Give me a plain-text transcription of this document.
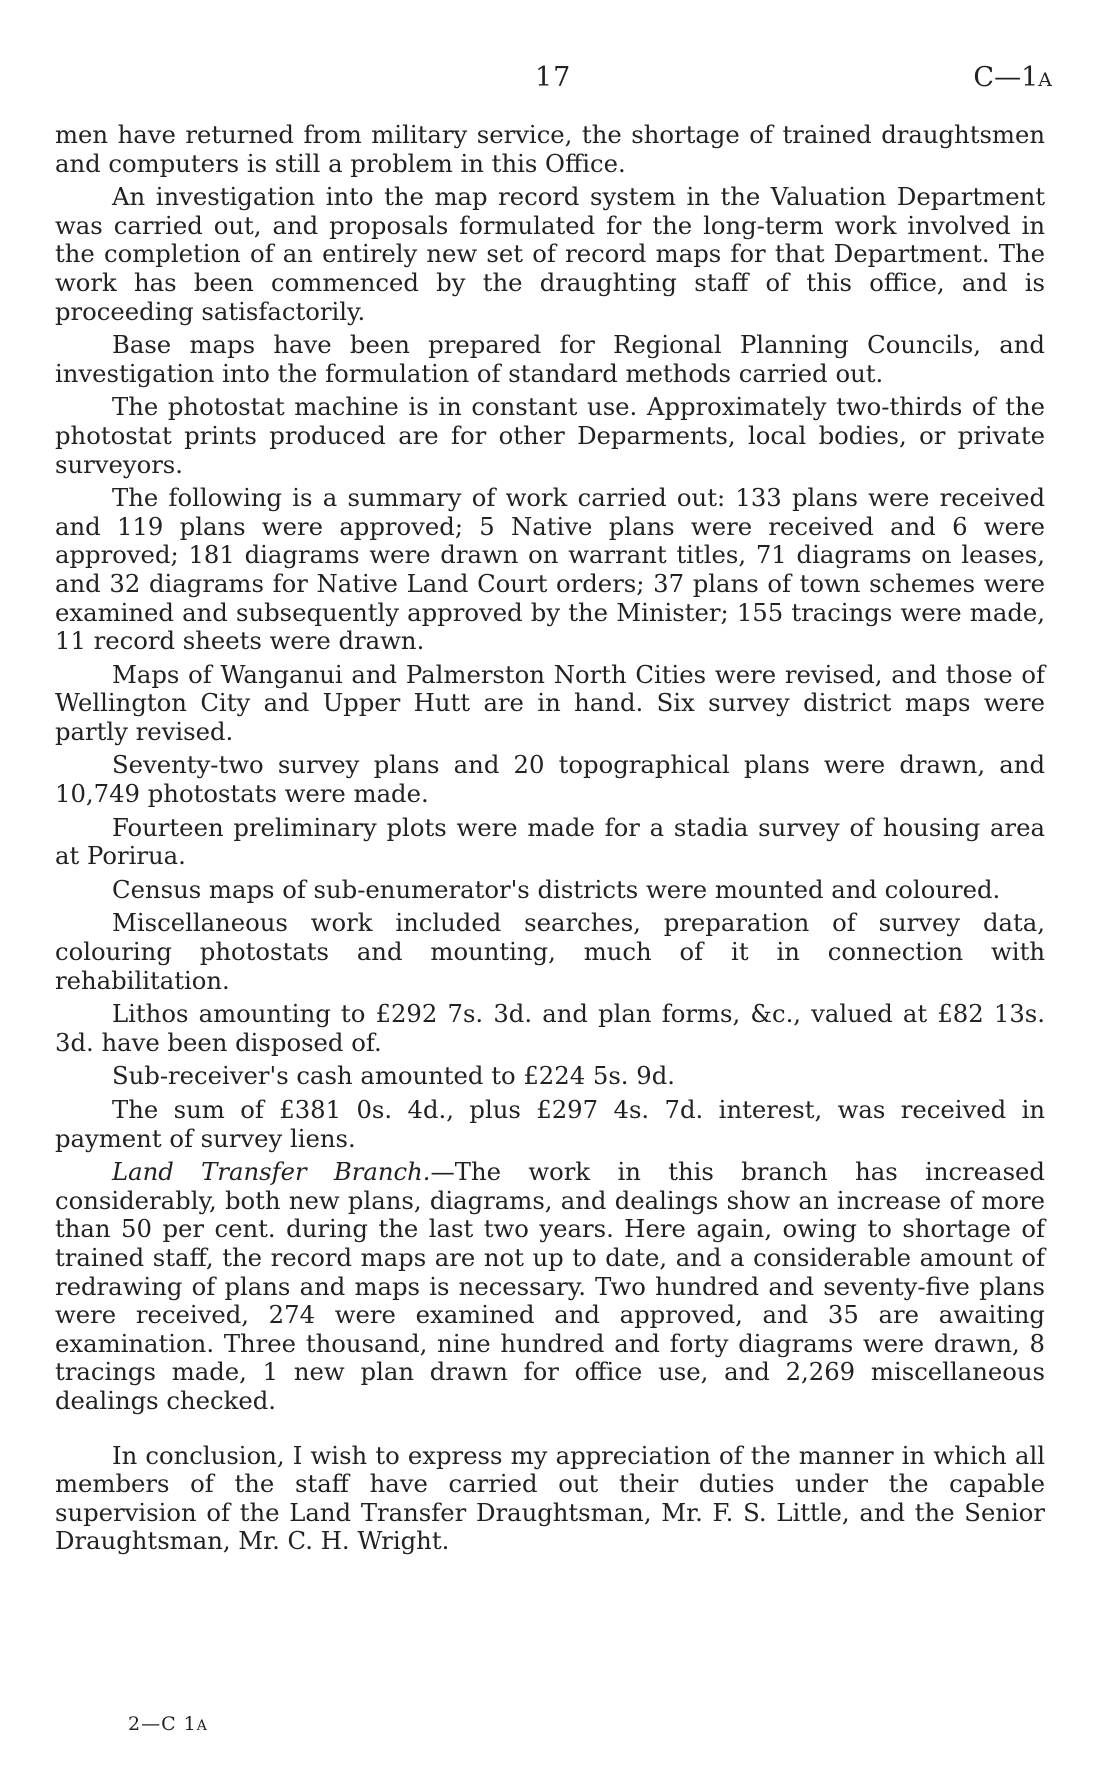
17	C—1A

men have returned from military service, the shortage of trained draughtsmen and computers is still a problem in this Office.

An investigation into the map record system in the Valuation Department was carried out, and proposals formulated for the long-term work involved in the completion of an entirely new set of record maps for that Department. The work has been commenced by the draughting staff of this office, and is proceeding satisfactorily.

Base maps have been prepared for Regional Planning Councils, and investigation into the formulation of standard methods carried out.

The photostat machine is in constant use. Approximately two-thirds of the photostat prints produced are for other Deparments, local bodies, or private surveyors.

The following is a summary of work carried out: 133 plans were received and 119 plans were approved; 5 Native plans were received and 6 were approved; 181 diagrams were drawn on warrant titles, 71 diagrams on leases, and 32 diagrams for Native Land Court orders; 37 plans of town schemes were examined and subsequently approved by the Minister; 155 tracings were made, 11 record sheets were drawn.

Maps of Wanganui and Palmerston North Cities were revised, and those of Wellington City and Upper Hutt are in hand. Six survey district maps were partly revised.

Seventy-two survey plans and 20 topographical plans were drawn, and 10,749 photostats were made.

Fourteen preliminary plots were made for a stadia survey of housing area at Porirua.

Census maps of sub-enumerator's districts were mounted and coloured.

Miscellaneous work included searches, preparation of survey data, colouring photostats and mounting, much of it in connection with rehabilitation.

Lithos amounting to £292 7s. 3d. and plan forms, &c., valued at £82 13s. 3d. have been disposed of.

Sub-receiver's cash amounted to £224 5s. 9d.

The sum of £381 0s. 4d., plus £297 4s. 7d. interest, was received in payment of survey liens.

Land Transfer Branch.—The work in this branch has increased considerably, both new plans, diagrams, and dealings show an increase of more than 50 per cent. during the last two years. Here again, owing to shortage of trained staff, the record maps are not up to date, and a considerable amount of redrawing of plans and maps is necessary. Two hundred and seventy-five plans were received, 274 were examined and approved, and 35 are awaiting examination. Three thousand, nine hundred and forty diagrams were drawn, 8 tracings made, 1 new plan drawn for office use, and 2,269 miscellaneous dealings checked.

In conclusion, I wish to express my appreciation of the manner in which all members of the staff have carried out their duties under the capable supervision of the Land Transfer Draughtsman, Mr. F. S. Little, and the Senior Draughtsman, Mr. C. H. Wright.

2—C 1A
